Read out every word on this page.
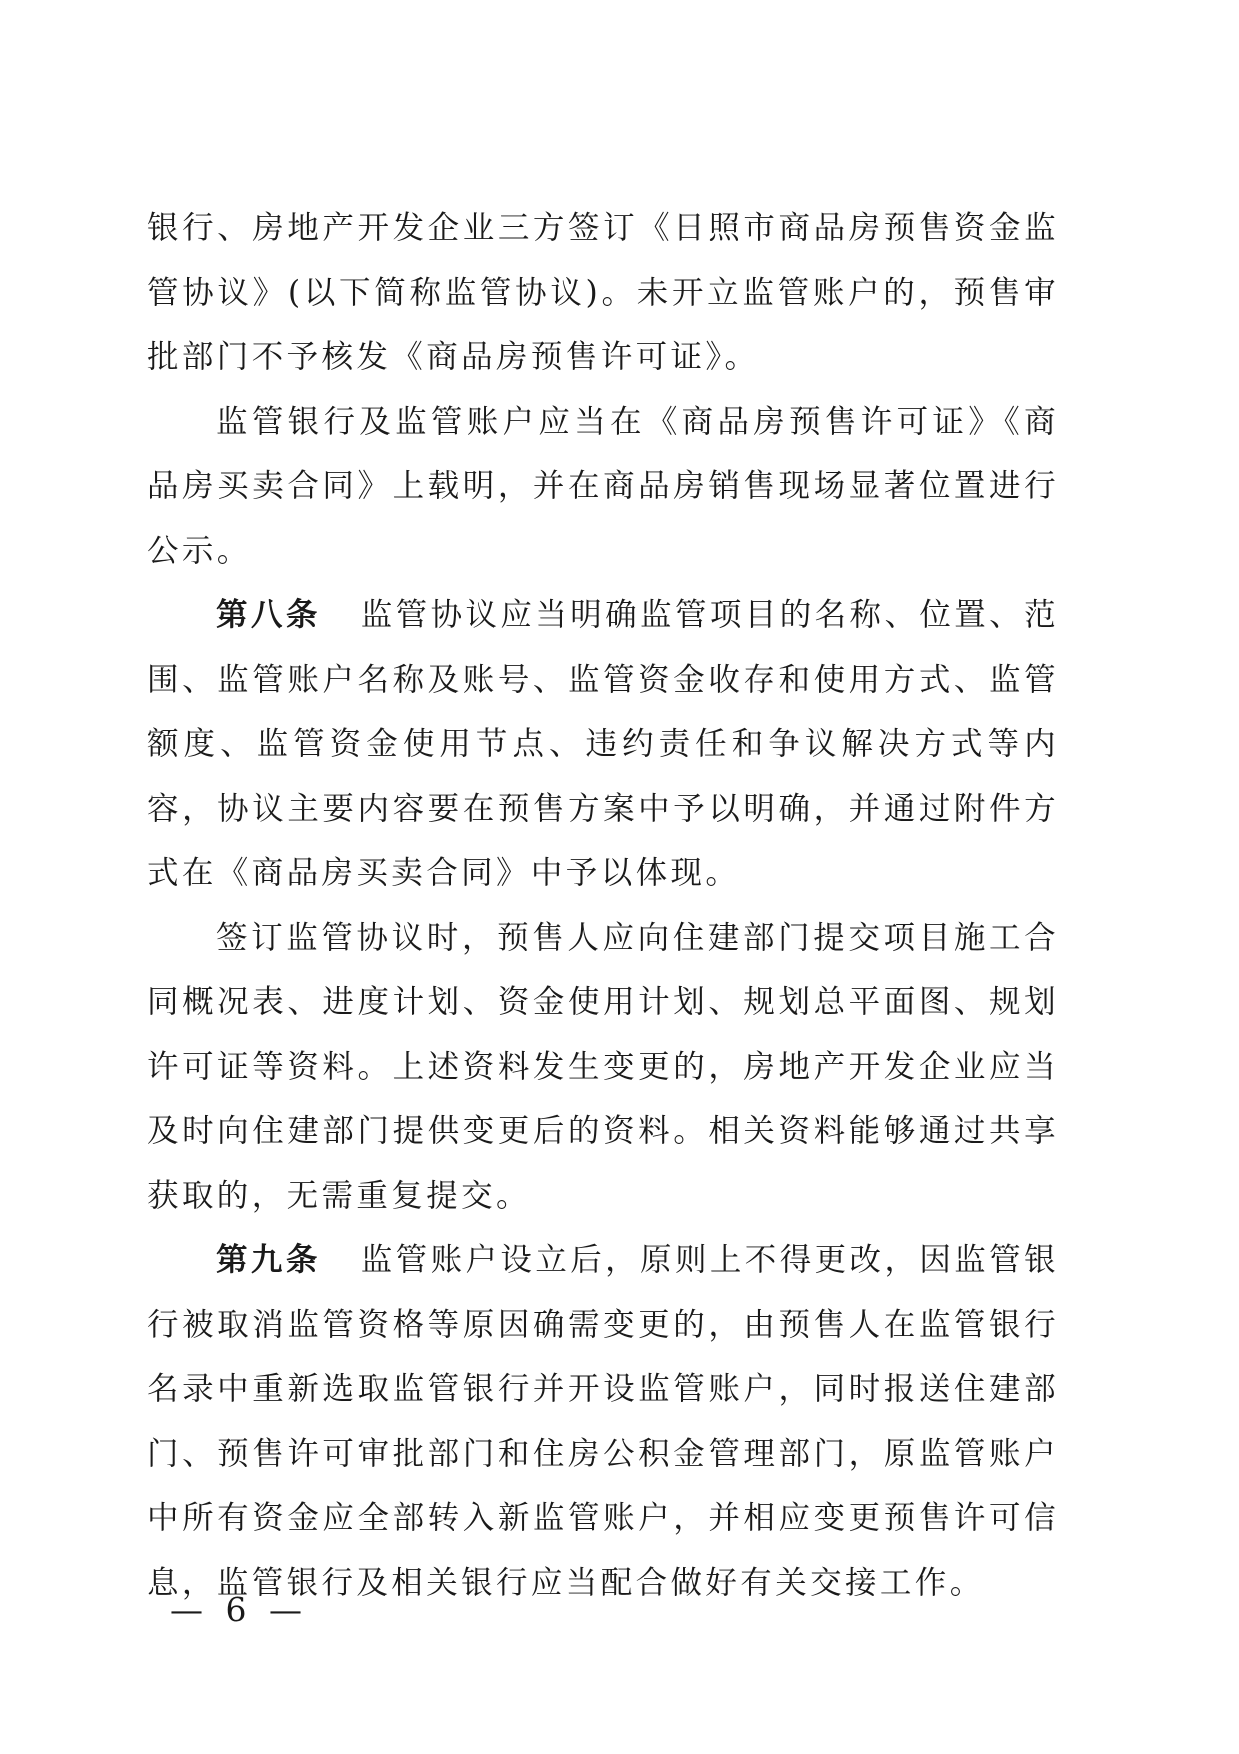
银行、房地产开发企业三方签订《日照市商品房预售资金监管协议》(以下简称监管协议)。未开立监管账户的，预售审批部门不予核发《商品房预售许可证》。

监管银行及监管账户应当在《商品房预售许可证》《商品房买卖合同》上载明，并在商品房销售现场显著位置进行公示。

第八条 监管协议应当明确监管项目的名称、位置、范围、监管账户名称及账号、监管资金收存和使用方式、监管额度、监管资金使用节点、违约责任和争议解决方式等内容，协议主要内容要在预售方案中予以明确，并通过附件方式在《商品房买卖合同》中予以体现。

签订监管协议时，预售人应向住建部门提交项目施工合同概况表、进度计划、资金使用计划、规划总平面图、规划许可证等资料。上述资料发生变更的，房地产开发企业应当及时向住建部门提供变更后的资料。相关资料能够通过共享获取的，无需重复提交。

第九条 监管账户设立后，原则上不得更改，因监管银行被取消监管资格等原因确需变更的，由预售人在监管银行名录中重新选取监管银行并开设监管账户，同时报送住建部门、预售许可审批部门和住房公积金管理部门，原监管账户中所有资金应全部转入新监管账户，并相应变更预售许可信息，监管银行及相关银行应当配合做好有关交接工作。

— 6 —
